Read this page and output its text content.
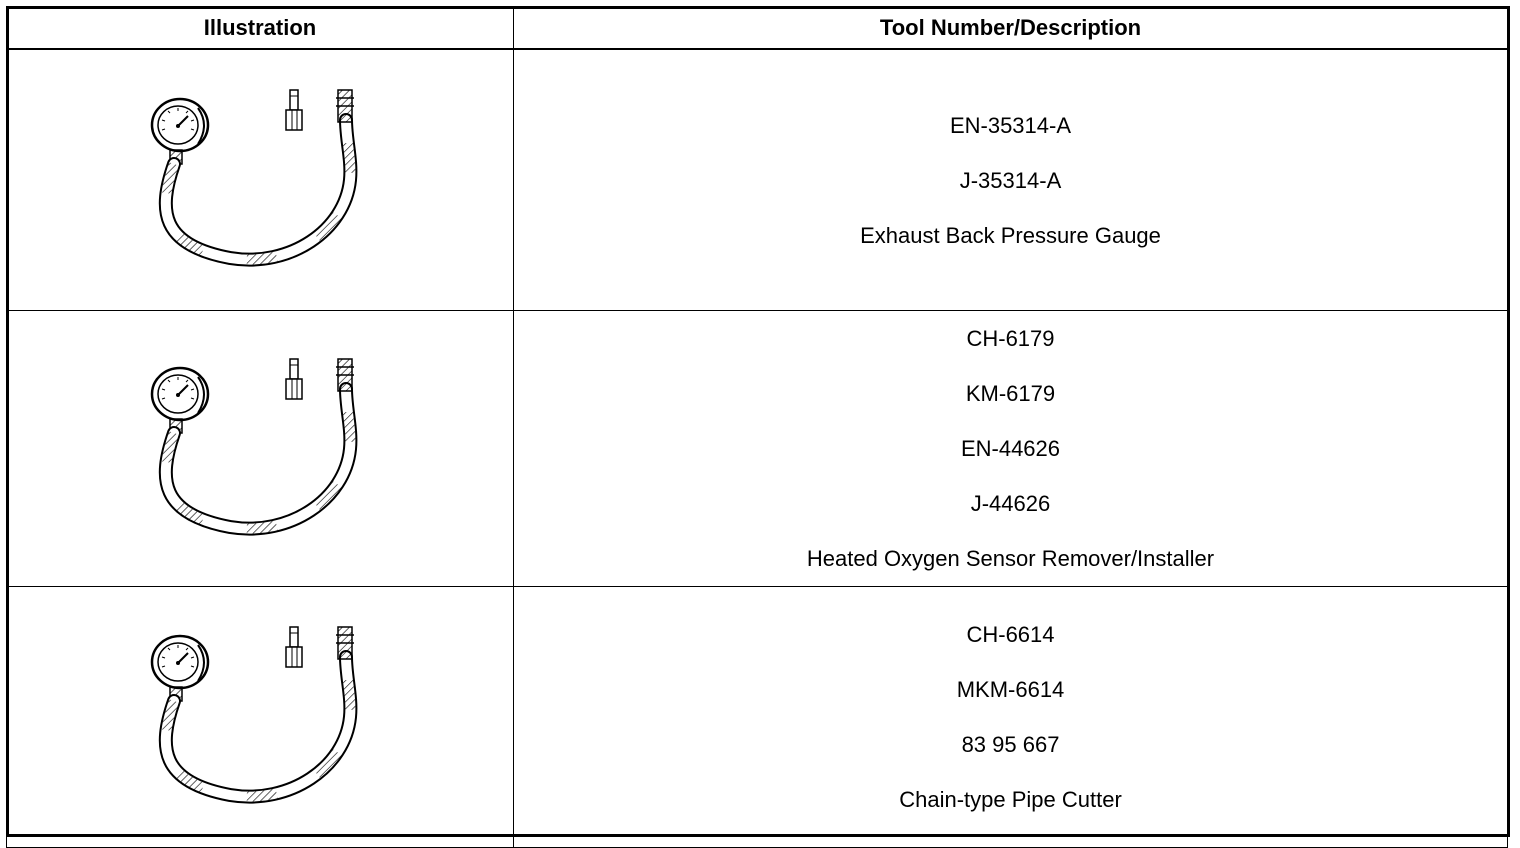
Illustration	Tool Number/Description

EN-35314-A
J-35314-A
Exhaust Back Pressure Gauge

CH-6179
KM-6179
EN-44626
J-44626
Heated Oxygen Sensor Remover/Installer

CH-6614
MKM-6614
83 95 667
Chain-type Pipe Cutter
